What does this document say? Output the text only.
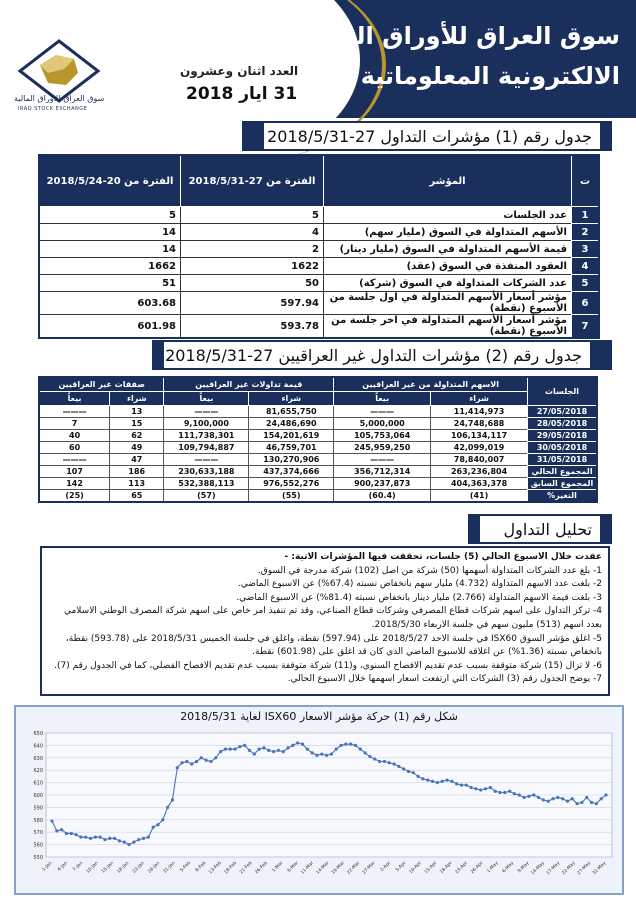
سوق العراق للأوراق المالية
الالكترونية المعلوماتية
العدد اثنان وعشرون
31 ايار 2018
سوق العراق للاوراق المالية
IRAQ STOCK EXCHANGE
جدول رقم (1) مؤشرات التداول 27-2018/5/31
ت	المؤشر	الفترة من 27-2018/5/31	الفترة من 20-2018/5/24
1	عدد الجلسات	5	5
2	الأسهم المتداولة في السوق (مليار سهم)	4	14
3	قيمة الأسهم المتداولة في السوق (مليار دينار)	2	14
4	العقود المنفذة في السوق (عقد)	1622	1662
5	عدد الشركات المتداولة في السوق (شركة)	50	51
6	مؤشر أسعار الأسهم المتداولة في اول جلسة من الأسبوع (نقطة)	597.94	603.68
7	مؤشر أسعار الأسهم المتداولة في اخر جلسة من الأسبوع (نقطة)	593.78	601.98
جدول رقم (2) مؤشرات التداول غير العراقيين 27-2018/5/31
الجلسات	الاسهم المتداولة من غير العراقيين		قيمة تداولات غير العراقيين		صفقات غير العراقيين	
	شراء	بيعاً	شراء	بيعاً	شراء	بيعاً
27/05/2018	11,414,973	———	81,655,750	———	13	———
28/05/2018	24,748,688	5,000,000	24,486,690	9,100,000	15	7
29/05/2018	106,134,117	105,753,064	154,201,619	111,738,301	62	40
30/05/2018	42,099,019	245,959,250	46,759,701	109,794,887	49	60
31/05/2018	78,840,007	———	130,270,906	———	47	———
المجموع الحالي	263,236,804	356,712,314	437,374,666	230,633,188	186	107
المجموع السابق	404,363,378	900,237,873	976,552,276	532,388,113	113	142
التغير%	(41)	(60.4)	(55)	(57)	65	(25)
تحليل التداول
عقدت خلال الاسبوع الحالي (5) جلسات، تحققت فيها المؤشرات الاتية: -
1- بلغ عدد الشركات المتداولة أسهمها (50) شركة من اصل (102) شركة مدرجة في السوق.
2- بلغت عدد الاسهم المتداولة (4.732) مليار سهم بانخفاض نسبته (67.4%) عن الاسبوع الماضي.
3- بلغت قيمة الاسهم المتداولة (2.766) مليار دينار بانخفاض نسبته (81.4%) عن الاسبوع الماضي.
4- تركز التداول على اسهم شركات قطاع المصرفي وشركات قطاع الصناعي، وقد تم تنفيذ امر خاص على اسهم شركة المصرف الوطني الاسلامي بعدد اسهم (513) مليون سهم في جلسة الاربعاء 2018/5/30.
5- اغلق مؤشر السوق ISX60 في جلسة الاحد 2018/5/27 على (597.94) نقطة، واغلق في جلسة الخميس 2018/5/31 على (593.78) نقطة، بانخفاض نسبته (1.36%) عن اغلاقه للاسبوع الماضي الذي كان قد اغلق على (601.98) نقطة.
6- لا تزال (15) شركة متوقفة بسبب عدم تقديم الافصاح السنوي، و(11) شركة متوقفة بسبب عدم تقديم الافصاح الفصلي، كما في الجدول رقم (7).
7- يوضح الجدول رقم (3) الشركات التي ارتفعت اسعار اسهمها خلال الاسبوع الحالي.
شكل رقم (1) حركة مؤشر الاسعار ISX60 لغاية 2018/5/31
550
560
570
580
590
600
610
620
630
640
650
1-Jan 4-Jan 7-Jan 10-Jan 15-Jan 18-Jan 23-Jan 28-Jan 31-Jan 5-Feb 8-Feb 13-Feb 18-Feb 21-Feb 26-Feb 1-Mar 6-Mar 11-Mar 14-Mar 19-Mar 22-Mar 27-Mar 2-Apr 5-Apr 10-Apr 15-Apr 18-Apr 23-Apr 26-Apr 1-May 6-May 9-May 14-May 17-May 22-May 27-May 31-May
